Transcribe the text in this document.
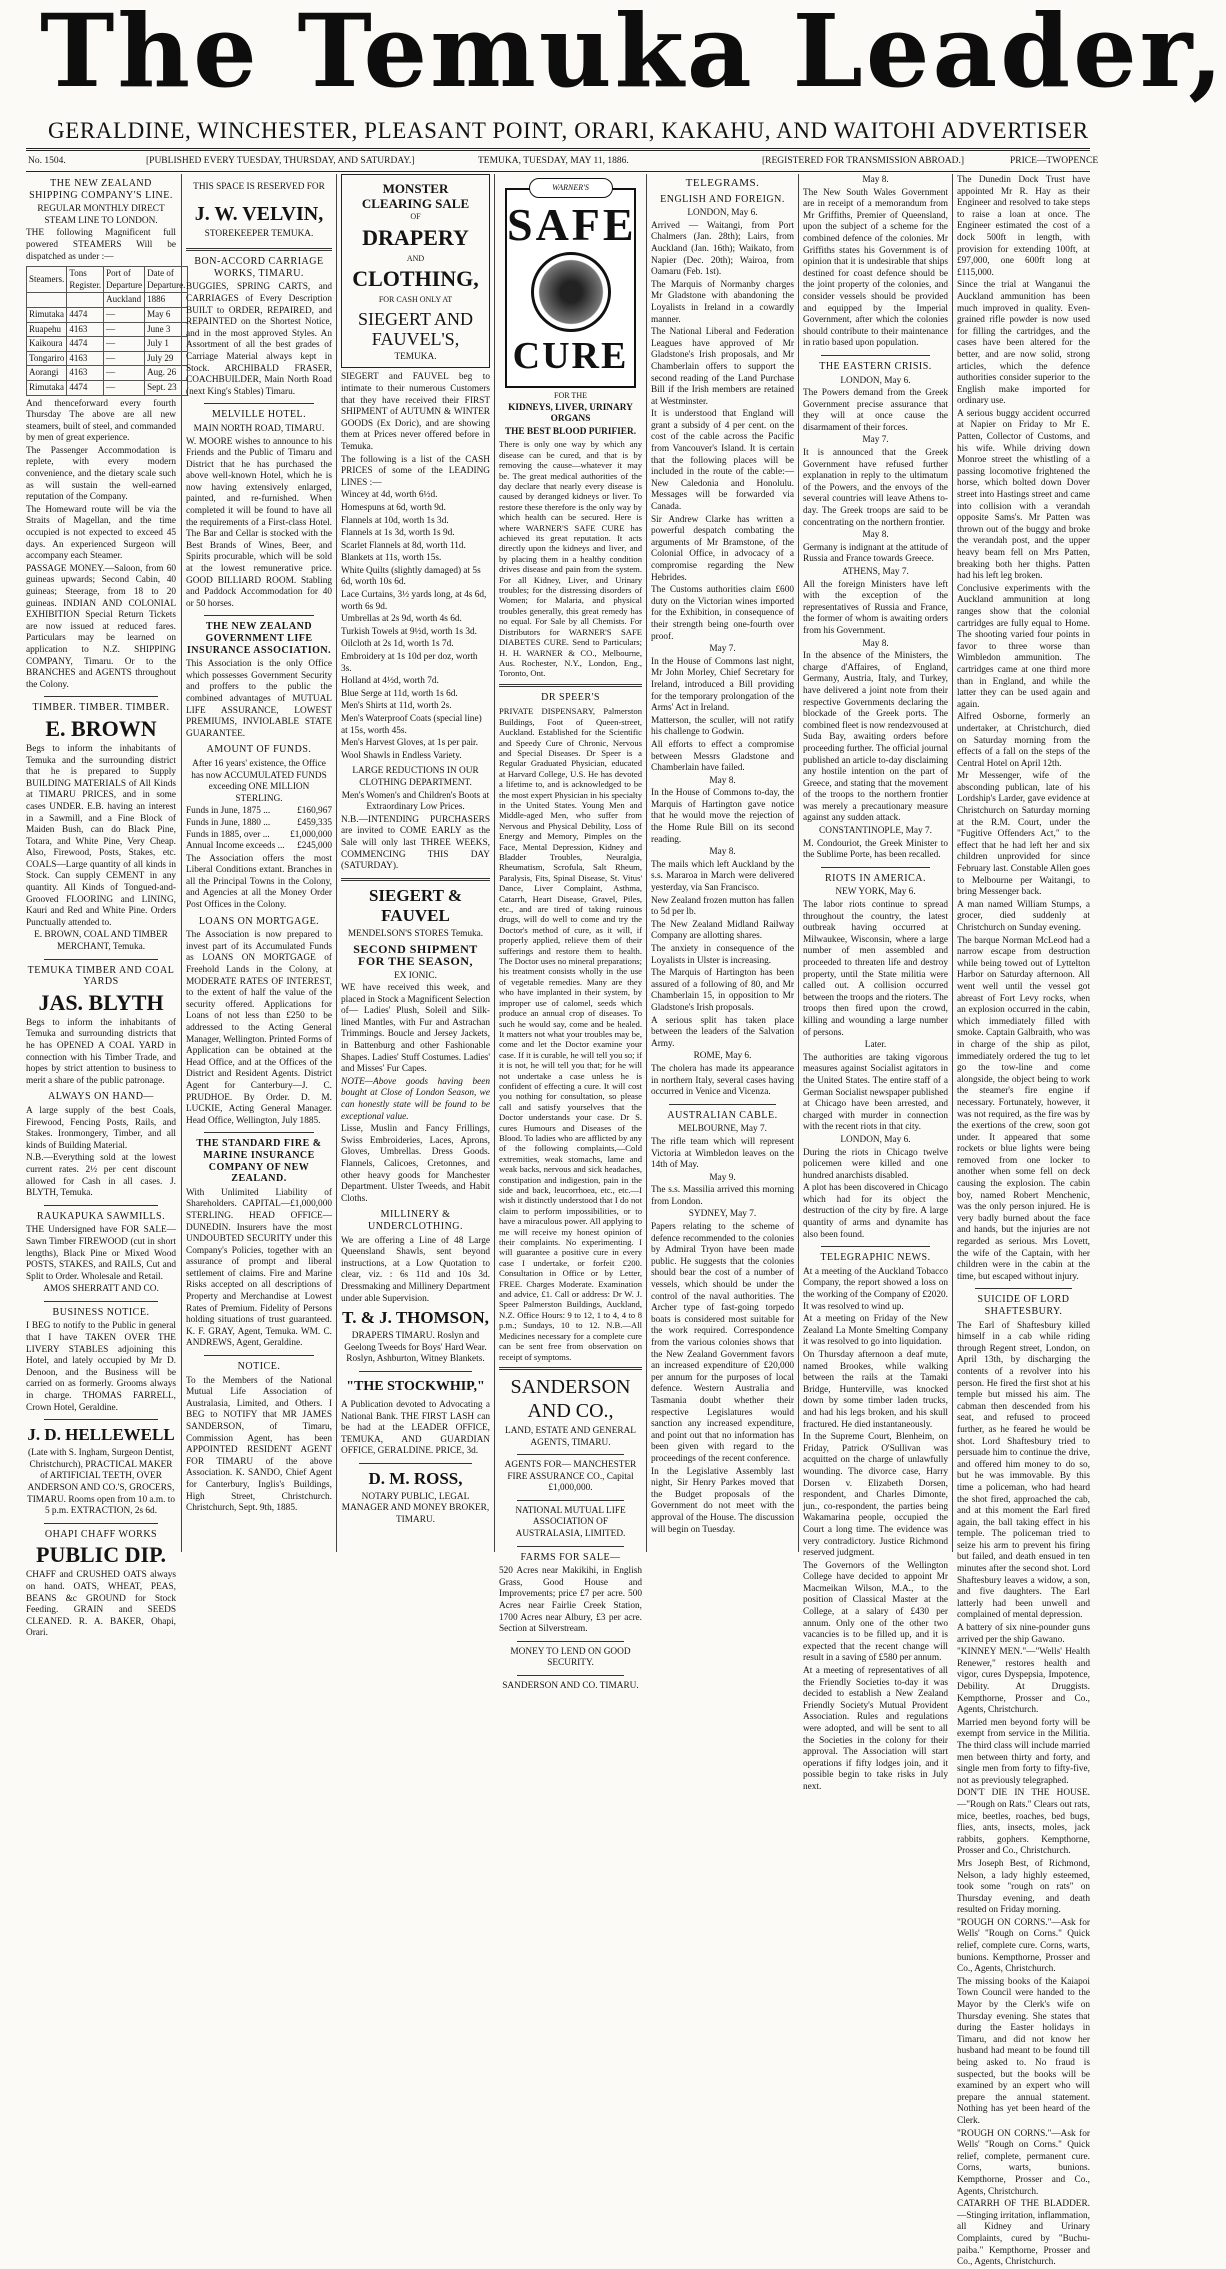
The Temuka Leader,
GERALDINE, WINCHESTER, PLEASANT POINT, ORARI, KAKAHU, AND WAITOHI ADVERTISER
No. 1504.	[PUBLISHED EVERY TUESDAY, THURSDAY, AND SATURDAY.]	TEMUKA, TUESDAY, MAY 11, 1886.	[REGISTERED FOR TRANSMISSION ABROAD.]	PRICE—TWOPENCE
THE NEW ZEALAND SHIPPING COMPANY'S LINE.
REGULAR MONTHLY DIRECT STEAM LINE TO LONDON.

THE following Magnificent full powered STEAMERS Will be dispatched as under :—

Steamers.	Tons Register.	Port of Departure	Date of Departure.
		Auckland	1886
Rimutaka	4474	—	May 6
Ruapehu	4163	—	June 3
Kaikoura	4474	—	July 1
Tongariro	4163	—	July 29
Aorangi	4163	—	Aug. 26
Rimutaka	4474	—	Sept. 23

And thenceforward every fourth Thursday The above are all new steamers, built of steel, and commanded by men of great experience.

The Passenger Accommodation is replete, with every modern convenience, and the dietary scale such as will sustain the well-earned reputation of the Company.

The Homeward route will be via the Straits of Magellan, and the time occupied is not expected to exceed 45 days. An experienced Surgeon will accompany each Steamer.

PASSAGE MONEY.—Saloon, from 60 guineas upwards; Second Cabin, 40 guineas; Steerage, from 18 to 20 guineas. INDIAN AND COLONIAL EXHIBITION Special Return Tickets are now issued at reduced fares. Particulars may be learned on application to N.Z. SHIPPING COMPANY, Timaru. Or to the BRANCHES and AGENTS throughout the Colony.

TIMBER. TIMBER. TIMBER.
E. BROWN

Begs to inform the inhabitants of Temuka and the surrounding district that he is prepared to Supply BUILDING MATERIALS of All Kinds at TIMARU PRICES, and in some cases UNDER. E.B. having an interest in a Sawmill, and a Fine Block of Maiden Bush, can do Black Pine, Totara, and White Pine, Very Cheap. Also, Firewood, Posts, Stakes, etc. COALS—Large quantity of all kinds in Stock. Can supply CEMENT in any quantity. All Kinds of Tongued-and-Grooved FLOORING and LINING, Kauri and Red and White Pine. Orders Punctually attended to.

E. BROWN, COAL AND TIMBER MERCHANT, Temuka.

TEMUKA TIMBER AND COAL YARDS
JAS. BLYTH

Begs to inform the inhabitants of Temuka and surrounding districts that he has OPENED A COAL YARD in connection with his Timber Trade, and hopes by strict attention to business to merit a share of the public patronage.

ALWAYS ON HAND—

A large supply of the best Coals, Firewood, Fencing Posts, Rails, and Stakes. Ironmongery, Timber, and all kinds of Building Material.

N.B.—Everything sold at the lowest current rates. 2½ per cent discount allowed for Cash in all cases. J. BLYTH, Temuka.

RAUKAPUKA SAWMILLS.

THE Undersigned have FOR SALE—Sawn Timber FIREWOOD (cut in short lengths), Black Pine or Mixed Wood POSTS, STAKES, and RAILS, Cut and Split to Order. Wholesale and Retail.

AMOS SHERRATT AND CO.

BUSINESS NOTICE.

I BEG to notify to the Public in general that I have TAKEN OVER THE LIVERY STABLES adjoining this Hotel, and lately occupied by Mr D. Denoon, and the Business will be carried on as formerly. Grooms always in charge. THOMAS FARRELL, Crown Hotel, Geraldine.

J. D. HELLEWELL

(Late with S. Ingham, Surgeon Dentist, Christchurch), PRACTICAL MAKER of ARTIFICIAL TEETH, OVER ANDERSON AND CO.'S, GROCERS, TIMARU. Rooms open from 10 a.m. to 5 p.m. EXTRACTION, 2s 6d.

OHAPI CHAFF WORKS
PUBLIC DIP.

CHAFF and CRUSHED OATS always on hand. OATS, WHEAT, PEAS, BEANS &c GROUND for Stock Feeding. GRAIN and SEEDS CLEANED. R. A. BAKER, Ohapi, Orari.

THIS SPACE IS RESERVED FOR

J. W. VELVIN,

STOREKEEPER TEMUKA.

BON-ACCORD CARRIAGE WORKS, TIMARU.

BUGGIES, SPRING CARTS, and CARRIAGES of Every Description BUILT to ORDER, REPAIRED, and REPAINTED on the Shortest Notice, and in the most approved Styles. An Assortment of all the best grades of Carriage Material always kept in Stock. ARCHIBALD FRASER, COACHBUILDER, Main North Road (next King's Stables) Timaru.

MELVILLE HOTEL.
MAIN NORTH ROAD, TIMARU.

W. MOORE wishes to announce to his Friends and the Public of Timaru and District that he has purchased the above well-known Hotel, which he is now having extensively enlarged, painted, and re-furnished. When completed it will be found to have all the requirements of a First-class Hotel. The Bar and Cellar is stocked with the Best Brands of Wines, Beer, and Spirits procurable, which will be sold at the lowest remunerative price. GOOD BILLIARD ROOM. Stabling and Paddock Accommodation for 40 or 50 horses.

THE NEW ZEALAND GOVERNMENT LIFE INSURANCE ASSOCIATION.

This Association is the only Office which possesses Government Security and proffers to the public the combined advantages of MUTUAL LIFE ASSURANCE, LOWEST PREMIUMS, INVIOLABLE STATE GUARANTEE.

AMOUNT OF FUNDS.

After 16 years' existence, the Office has now ACCUMULATED FUNDS exceeding ONE MILLION STERLING.

Funds in June, 1875 ...	£160,967
Funds in June, 1880 ...	£459,335
Funds in 1885, over ... £1,000,000
Annual Income exceeds ... £245,000

The Association offers the most Liberal Conditions extant. Branches in all the Principal Towns in the Colony, and Agencies at all the Money Order Post Offices in the Colony.

LOANS ON MORTGAGE.

The Association is now prepared to invest part of its Accumulated Funds as LOANS ON MORTGAGE of Freehold Lands in the Colony, at MODERATE RATES OF INTEREST, to the extent of half the value of the security offered. Applications for Loans of not less than £250 to be addressed to the Acting General Manager, Wellington. Printed Forms of Application can be obtained at the Head Office, and at the Offices of the District and Resident Agents. District Agent for Canterbury—J. C. PRUDHOE. By Order. D. M. LUCKIE, Acting General Manager. Head Office, Wellington, July 1885.

THE STANDARD FIRE & MARINE INSURANCE COMPANY OF NEW ZEALAND.

With Unlimited Liability of Shareholders. CAPITAL—£1,000,000 STERLING. HEAD OFFICE—DUNEDIN. Insurers have the most UNDOUBTED SECURITY under this Company's Policies, together with an assurance of prompt and liberal settlement of claims. Fire and Marine Risks accepted on all descriptions of Property and Merchandise at Lowest Rates of Premium. Fidelity of Persons holding situations of trust guaranteed. K. F. GRAY, Agent, Temuka. WM. C. ANDREWS, Agent, Geraldine.

NOTICE.

To the Members of the National Mutual Life Association of Australasia, Limited, and Others. I BEG to NOTIFY that MR JAMES SANDERSON, of Timaru, Commission Agent, has been APPOINTED RESIDENT AGENT FOR TIMARU of the above Association. K. SANDO, Chief Agent for Canterbury, Inglis's Buildings, High Street, Christchurch. Christchurch, Sept. 9th, 1885.

MONSTER CLEARING SALE
OF
DRAPERY
AND
CLOTHING,
FOR CASH ONLY AT
SIEGERT AND FAUVEL'S,
TEMUKA.

SIEGERT and FAUVEL beg to intimate to their numerous Customers that they have received their FIRST SHIPMENT of AUTUMN & WINTER GOODS (Ex Doric), and are showing them at Prices never offered before in Temuka.

The following is a list of the CASH PRICES of some of the LEADING LINES :—

Wincey at 4d, worth 6½d.

Homespuns at 6d, worth 9d.

Flannels at 10d, worth 1s 3d.

Flannels at 1s 3d, worth 1s 9d.

Scarlet Flannels at 8d, worth 11d.

Blankets at 11s, worth 15s.

White Quilts (slightly damaged) at 5s 6d, worth 10s 6d.

Lace Curtains, 3½ yards long, at 4s 6d, worth 6s 9d.

Umbrellas at 2s 9d, worth 4s 6d.

Turkish Towels at 9½d, worth 1s 3d.

Oilcloth at 2s 1d, worth 1s 7d.

Embroidery at 1s 10d per doz, worth 3s.

Holland at 4½d, worth 7d.

Blue Serge at 11d, worth 1s 6d.

Men's Shirts at 11d, worth 2s.

Men's Waterproof Coats (special line) at 15s, worth 45s.

Men's Harvest Gloves, at 1s per pair.

Wool Shawls in Endless Variety.

LARGE REDUCTIONS IN OUR CLOTHING DEPARTMENT.

Men's Women's and Children's Boots at Extraordinary Low Prices.

N.B.—INTENDING PURCHASERS are invited to COME EARLY as the Sale will only last THREE WEEKS, COMMENCING THIS DAY (SATURDAY).

SIEGERT & FAUVEL

MENDELSON'S STORES Temuka.

SECOND SHIPMENT FOR THE SEASON,
EX IONIC.

WE have received this week, and placed in Stock a Magnificent Selection of— Ladies' Plush, Soleil and Silk-lined Mantles, with Fur and Astrachan Trimmings. Boucle and Jersey Jackets, in Battenburg and other Fashionable Shapes. Ladies' Stuff Costumes. Ladies' and Misses' Fur Capes.

NOTE—Above goods having been bought at Close of London Season, we can honestly state will be found to be exceptional value.

Lisse, Muslin and Fancy Frillings, Swiss Embroideries, Laces, Aprons, Gloves, Umbrellas. Dress Goods. Flannels, Calicoes, Cretonnes, and other heavy goods for Manchester Department. Ulster Tweeds, and Habit Cloths.

MILLINERY & UNDERCLOTHING.

We are offering a Line of 48 Large Queensland Shawls, sent beyond instructions, at a Low Quotation to clear, viz. : 6s 11d and 10s 3d. Dressmaking and Millinery Department under able Supervision.

T. & J. THOMSON,

DRAPERS TIMARU. Roslyn and Geelong Tweeds for Boys' Hard Wear. Roslyn, Ashburton, Witney Blankets.

"THE STOCKWHIP,"

A Publication devoted to Advocating a National Bank. THE FIRST LASH can be had at the LEADER OFFICE, TEMUKA, AND GUARDIAN OFFICE, GERALDINE. PRICE, 3d.

D. M. ROSS,

NOTARY PUBLIC, LEGAL MANAGER AND MONEY BROKER, TIMARU.

WARNER'S
SAFE
CURE

FOR THE

KIDNEYS, LIVER, URINARY ORGANS

THE BEST BLOOD PURIFIER.

There is only one way by which any disease can be cured, and that is by removing the cause—whatever it may be. The great medical authorities of the day declare that nearly every disease is caused by deranged kidneys or liver. To restore these therefore is the only way by which health can be secured. Here is where WARNER'S SAFE CURE has achieved its great reputation. It acts directly upon the kidneys and liver, and by placing them in a healthy condition drives disease and pain from the system. For all Kidney, Liver, and Urinary troubles; for the distressing disorders of Women; for Malaria, and physical troubles generally, this great remedy has no equal. For Sale by all Chemists. For Distributors for WARNER'S SAFE DIABETES CURE. Send to Particulars; H. H. WARNER & CO., Melbourne, Aus. Rochester, N.Y., London, Eng., Toronto, Ont.

DR SPEER'S

PRIVATE DISPENSARY, Palmerston Buildings, Foot of Queen-street, Auckland. Established for the Scientific and Speedy Cure of Chronic, Nervous and Special Diseases. Dr Speer is a Regular Graduated Physician, educated at Harvard College, U.S. He has devoted a lifetime to, and is acknowledged to be the most expert Physician in his specialty in the United States. Young Men and Middle-aged Men, who suffer from Nervous and Physical Debility, Loss of Energy and Memory, Pimples on the Face, Mental Depression, Kidney and Bladder Troubles, Neuralgia, Rheumatism, Scrofula, Salt Rheum, Paralysis, Fits, Spinal Disease, St. Vitus' Dance, Liver Complaint, Asthma, Catarrh, Heart Disease, Gravel, Piles, etc., and are tired of taking ruinous drugs, will do well to come and try the Doctor's method of cure, as it will, if properly applied, relieve them of their sufferings and restore them to health. The Doctor uses no mineral preparations; his treatment consists wholly in the use of vegetable remedies. Many are they who have implanted in their system, by improper use of calomel, seeds which produce an annual crop of diseases. To such he would say, come and be healed. It matters not what your troubles may be, come and let the Doctor examine your case. If it is curable, he will tell you so; if it is not, he will tell you that; for he will not undertake a case unless he is confident of effecting a cure. It will cost you nothing for consultation, so please call and satisfy yourselves that the Doctor understands your case. Dr S. cures Humours and Diseases of the Blood. To ladies who are afflicted by any of the following complaints,—Cold extremities, weak stomachs, lame and weak backs, nervous and sick headaches, constipation and indigestion, pain in the side and back, leucorrhoea, etc., etc.—I wish it distinctly understood that I do not claim to perform impossibilities, or to have a miraculous power. All applying to me will receive my honest opinion of their complaints. No experimenting. I will guarantee a positive cure in every case I undertake, or forfeit £200. Consultation in Office or by Letter, FREE. Charges Moderate. Examination and advice, £1. Call or address: Dr W. J. Speer Palmerston Buildings, Auckland, N.Z. Office Hours: 9 to 12, 1 to 4, 4 to 8 p.m.; Sundays, 10 to 12. N.B.—All Medicines necessary for a complete cure can be sent free from observation on receipt of symptoms.

SANDERSON AND CO.,

LAND, ESTATE AND GENERAL AGENTS, TIMARU.

AGENTS FOR— MANCHESTER FIRE ASSURANCE CO., Capital £1,000,000.

NATIONAL MUTUAL LIFE ASSOCIATION OF AUSTRALASIA, LIMITED.

FARMS FOR SALE—

520 Acres near Makikihi, in English Grass, Good House and Improvements; price £7 per acre. 500 Acres near Fairlie Creek Station, 1700 Acres near Albury, £3 per acre. Section at Silverstream.

MONEY TO LEND ON GOOD SECURITY.

SANDERSON AND CO. TIMARU.

TELEGRAMS.
ENGLISH AND FOREIGN.

LONDON, May 6.

Arrived — Waitangi, from Port Chalmers (Jan. 28th); Lairs, from Auckland (Jan. 16th); Waikato, from Napier (Dec. 20th); Wairoa, from Oamaru (Feb. 1st).

The Marquis of Normanby charges Mr Gladstone with abandoning the Loyalists in Ireland in a cowardly manner.

The National Liberal and Federation Leagues have approved of Mr Gladstone's Irish proposals, and Mr Chamberlain offers to support the second reading of the Land Purchase Bill if the Irish members are retained at Westminster.

It is understood that England will grant a subsidy of 4 per cent. on the cost of the cable across the Pacific from Vancouver's Island. It is certain that the following places will be included in the route of the cable:—New Caledonia and Honolulu. Messages will be forwarded via Canada.

Sir Andrew Clarke has written a powerful despatch combating the arguments of Mr Bramstone, of the Colonial Office, in advocacy of a compromise regarding the New Hebrides.

The Customs authorities claim £600 duty on the Victorian wines imported for the Exhibition, in consequence of their strength being one-fourth over proof.

May 7.

In the House of Commons last night, Mr John Morley, Chief Secretary for Ireland, introduced a Bill providing for the temporary prolongation of the Arms' Act in Ireland.

Matterson, the sculler, will not ratify his challenge to Godwin.

All efforts to effect a compromise between Messrs Gladstone and Chamberlain have failed.

May 8.

In the House of Commons to-day, the Marquis of Hartington gave notice that he would move the rejection of the Home Rule Bill on its second reading.

May 8.

The mails which left Auckland by the s.s. Mararoa in March were delivered yesterday, via San Francisco.

New Zealand frozen mutton has fallen to 5d per lb.

The New Zealand Midland Railway Company are allotting shares.

The anxiety in consequence of the Loyalists in Ulster is increasing.

The Marquis of Hartington has been assured of a following of 80, and Mr Chamberlain 15, in opposition to Mr Gladstone's Irish proposals.

A serious split has taken place between the leaders of the Salvation Army.

ROME, May 6.

The cholera has made its appearance in northern Italy, several cases having occurred in Venice and Vicenza.

AUSTRALIAN CABLE.

MELBOURNE, May 7.

The rifle team which will represent Victoria at Wimbledon leaves on the 14th of May.

May 9.

The s.s. Massilia arrived this morning from London.

SYDNEY, May 7.

Papers relating to the scheme of defence recommended to the colonies by Admiral Tryon have been made public. He suggests that the colonies should bear the cost of a number of vessels, which should be under the control of the naval authorities. The Archer type of fast-going torpedo boats is considered most suitable for the work required. Correspondence from the various colonies shows that the New Zealand Government favors an increased expenditure of £20,000 per annum for the purposes of local defence. Western Australia and Tasmania doubt whether their respective Legislatures would sanction any increased expenditure, and point out that no information has been given with regard to the proceedings of the recent conference.

In the Legislative Assembly last night, Sir Henry Parkes moved that the Budget proposals of the Government do not meet with the approval of the House. The discussion will begin on Tuesday.

May 8.

The New South Wales Government are in receipt of a memorandum from Mr Griffiths, Premier of Queensland, upon the subject of a scheme for the combined defence of the colonies. Mr Griffiths states his Government is of opinion that it is undesirable that ships destined for coast defence should be the joint property of the colonies, and consider vessels should be provided and equipped by the Imperial Government, after which the colonies should contribute to their maintenance in ratio based upon population.

THE EASTERN CRISIS.

LONDON, May 6.

The Powers demand from the Greek Government precise assurance that they will at once cause the disarmament of their forces.

May 7.

It is announced that the Greek Government have refused further explanation in reply to the ultimatum of the Powers, and the envoys of the several countries will leave Athens to-day. The Greek troops are said to be concentrating on the northern frontier.

May 8.

Germany is indignant at the attitude of Russia and France towards Greece.

ATHENS, May 7.

All the foreign Ministers have left with the exception of the representatives of Russia and France, the former of whom is awaiting orders from his Government.

May 8.

In the absence of the Ministers, the charge d'Affaires, of England, Germany, Austria, Italy, and Turkey, have delivered a joint note from their respective Governments declaring the blockade of the Greek ports. The combined fleet is now rendezvoused at Suda Bay, awaiting orders before proceeding further. The official journal published an article to-day disclaiming any hostile intention on the part of Greece, and stating that the movement of the troops to the northern frontier was merely a precautionary measure against any sudden attack.

CONSTANTINOPLE, May 7.

M. Condouriot, the Greek Minister to the Sublime Porte, has been recalled.

RIOTS IN AMERICA.

NEW YORK, May 6.

The labor riots continue to spread throughout the country, the latest outbreak having occurred at Milwaukee, Wisconsin, where a large number of men assembled and proceeded to threaten life and destroy property, until the State militia were called out. A collision occurred between the troops and the rioters. The troops then fired upon the crowd, killing and wounding a large number of persons.

Later.

The authorities are taking vigorous measures against Socialist agitators in the United States. The entire staff of a German Socialist newspaper published at Chicago have been arrested, and charged with murder in connection with the recent riots in that city.

LONDON, May 6.

During the riots in Chicago twelve policemen were killed and one hundred anarchists disabled.

A plot has been discovered in Chicago which had for its object the destruction of the city by fire. A large quantity of arms and dynamite has also been found.

TELEGRAPHIC NEWS.

At a meeting of the Auckland Tobacco Company, the report showed a loss on the working of the Company of £2020. It was resolved to wind up.

At a meeting on Friday of the New Zealand La Monte Smelting Company it was resolved to go into liquidation.

On Thursday afternoon a deaf mute, named Brookes, while walking between the rails at the Tamaki Bridge, Hunterville, was knocked down by some timber laden trucks, and had his legs broken, and his skull fractured. He died instantaneously.

In the Supreme Court, Blenheim, on Friday, Patrick O'Sullivan was acquitted on the charge of unlawfully wounding. The divorce case, Harry Dorsen v. Elizabeth Dorsen, respondent, and Charles Dimonte, jun., co-respondent, the parties being Wakamarina people, occupied the Court a long time. The evidence was very contradictory. Justice Richmond reserved judgment.

The Governors of the Wellington College have decided to appoint Mr Macmeikan Wilson, M.A., to the position of Classical Master at the College, at a salary of £430 per annum. Only one of the other two vacancies is to be filled up, and it is expected that the recent change will result in a saving of £580 per annum.

At a meeting of representatives of all the Friendly Societies to-day it was decided to establish a New Zealand Friendly Society's Mutual Provident Association. Rules and regulations were adopted, and will be sent to all the Societies in the colony for their approval. The Association will start operations if fifty lodges join, and it possible begin to take risks in July next.

The Dunedin Dock Trust have appointed Mr R. Hay as their Engineer and resolved to take steps to raise a loan at once. The Engineer estimated the cost of a dock 500ft in length, with provision for extending 100ft, at £97,000, one 600ft long at £115,000.

Since the trial at Wanganui the Auckland ammunition has been much improved in quality. Even-grained rifle powder is now used for filling the cartridges, and the cases have been altered for the better, and are now solid, strong articles, which the defence authorities consider superior to the English make imported for ordinary use.

A serious buggy accident occurred at Napier on Friday to Mr E. Patten, Collector of Customs, and his wife. While driving down Monroe street the whistling of a passing locomotive frightened the horse, which bolted down Dover street into Hastings street and came into collision with a verandah opposite Sams's. Mr Patten was thrown out of the buggy and broke the verandah post, and the upper heavy beam fell on Mrs Patten, breaking both her thighs. Patten had his left leg broken.

Conclusive experiments with the Auckland ammunition at long ranges show that the colonial cartridges are fully equal to Home. The shooting varied four points in favor to three worse than Wimbledon ammunition. The cartridges came at one third more than in England, and while the latter they can be used again and again.

Alfred Osborne, formerly an undertaker, at Christchurch, died on Saturday morning from the effects of a fall on the steps of the Central Hotel on April 12th.

Mr Messenger, wife of the absconding publican, late of his Lordship's Larder, gave evidence at Christchurch on Saturday morning at the R.M. Court, under the "Fugitive Offenders Act," to the effect that he had left her and six children unprovided for since February last. Constable Allen goes to Melbourne per Waitangi, to bring Messenger back.

A man named William Stumps, a grocer, died suddenly at Christchurch on Sunday evening.

The barque Norman McLeod had a narrow escape from destruction while being towed out of Lyttelton Harbor on Saturday afternoon. All went well until the vessel got abreast of Fort Levy rocks, when an explosion occurred in the cabin, which immediately filled with smoke. Captain Galbraith, who was in charge of the ship as pilot, immediately ordered the tug to let go the tow-line and come alongside, the object being to work the steamer's fire engine if necessary. Fortunately, however, it was not required, as the fire was by the exertions of the crew, soon got under. It appeared that some rockets or blue lights were being removed from one locker to another when some fell on deck causing the explosion. The cabin boy, named Robert Menchenic, was the only person injured. He is very badly burned about the face and hands, but the injuries are not regarded as serious. Mrs Lovett, the wife of the Captain, with her children were in the cabin at the time, but escaped without injury.

SUICIDE OF LORD SHAFTESBURY.

The Earl of Shaftesbury killed himself in a cab while riding through Regent street, London, on April 13th, by discharging the contents of a revolver into his person. He fired the first shot at his temple but missed his aim. The cabman then descended from his seat, and refused to proceed further, as he feared he would be shot. Lord Shaftesbury tried to persuade him to continue the drive, and offered him money to do so, but he was immovable. By this time a policeman, who had heard the shot fired, approached the cab, and at this moment the Earl fired again, the ball taking effect in his temple. The policeman tried to seize his arm to prevent his firing but failed, and death ensued in ten minutes after the second shot. Lord Shaftesbury leaves a widow, a son, and five daughters. The Earl latterly had been unwell and complained of mental depression.

A battery of six nine-pounder guns arrived per the ship Gawano.

"KINNEY MEN."—"Wells' Health Renewer," restores health and vigor, cures Dyspepsia, Impotence, Debility. At Druggists. Kempthorne, Prosser and Co., Agents, Christchurch.

Married men beyond forty will be exempt from service in the Militia. The third class will include married men between thirty and forty, and single men from forty to fifty-five, not as previously telegraphed.

DON'T DIE IN THE HOUSE.—"Rough on Rats." Clears out rats, mice, beetles, roaches, bed bugs, flies, ants, insects, moles, jack rabbits, gophers. Kempthorne, Prosser and Co., Christchurch.

Mrs Joseph Best, of Richmond, Nelson, a lady highly esteemed, took some "rough on rats" on Thursday evening, and death resulted on Friday morning.

"ROUGH ON CORNS."—Ask for Wells' "Rough on Corns." Quick relief, complete cure. Corns, warts, bunions. Kempthorne, Prosser and Co., Agents, Christchurch.

The missing books of the Kaiapoi Town Council were handed to the Mayor by the Clerk's wife on Thursday evening. She states that during the Easter holidays in Timaru, and did not know her husband had meant to be found till being asked to. No fraud is suspected, but the books will be examined by an expert who will prepare the annual statement. Nothing has yet been heard of the Clerk.

"ROUGH ON CORNS."—Ask for Wells' "Rough on Corns." Quick relief, complete, permanent cure. Corns, warts, bunions. Kempthorne, Prosser and Co., Agents, Christchurch.

CATARRH OF THE BLADDER.—Stinging irritation, inflammation, all Kidney and Urinary Complaints, cured by "Buchu-paiba." Kempthorne, Prosser and Co., Agents, Christchurch.
